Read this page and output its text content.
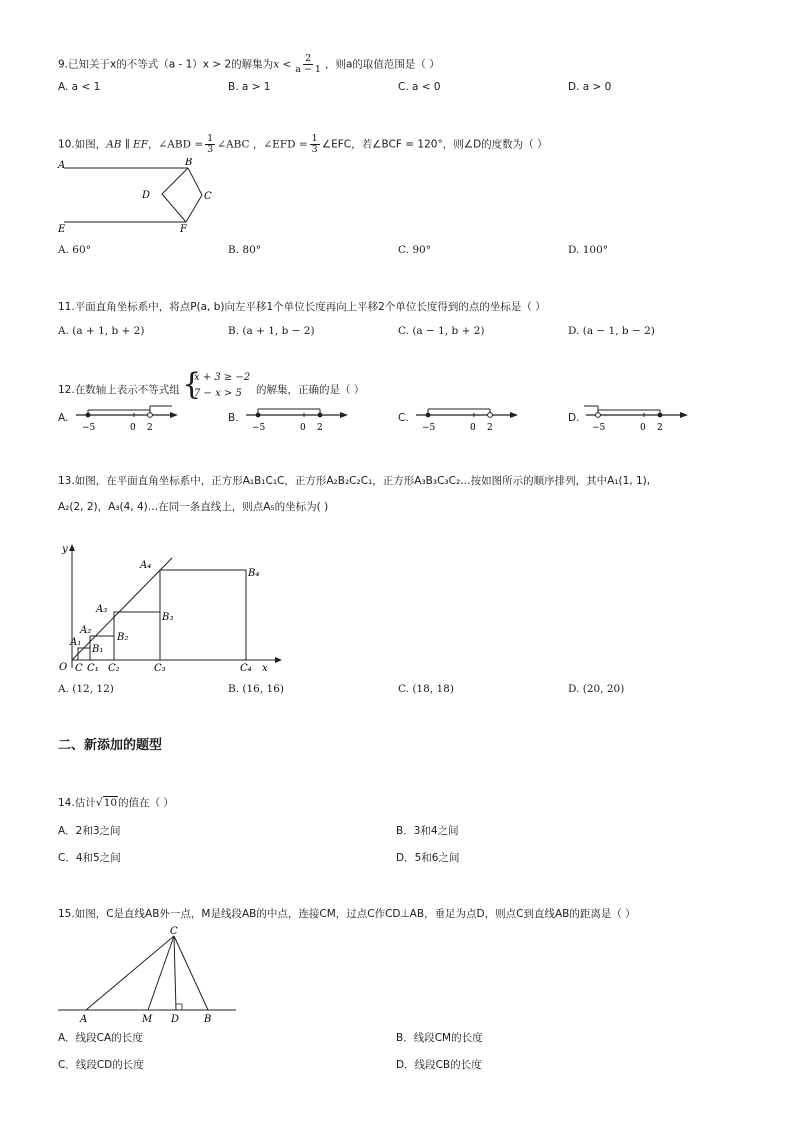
9.已知关于x的不等式（a - 1）x > 2的解集为$x < \frac{2}{a - 1}$ ，则a的取值范围是（ ）
A. a < 1	B. a > 1	C. a < 0	D. a > 0
10.如图，AB ∥ EF，∠ABD = $\frac{1}{3}$ ∠ABC ，∠EFD = $\frac{1}{3}$ ∠EFC，若∠BCF = 120°，则∠D的度数为（ ）
A	B
C
D
E	F
A. 60°	B. 80°	C. 90°	D. 100°
11.平面直角坐标系中，将点P(a, b)向左平移1个单位长度再向上平移2个单位长度得到的点的坐标是（ ）
A. (a + 1, b + 2)	B. (a + 1, b − 2)	C. (a − 1, b + 2)	D. (a − 1, b − 2)
12.在数轴上表示不等式组 {
x + 3 ≥ −2
7 − x > 5 的解集，正确的是（ ）
A.
−5	0 2
B.
−5	0 2
C.
−5	0 2
D.
−5	0 2
13.如图，在平面直角坐标系中，正方形A₁B₁C₁C，正方形A₂B₂C₂C₁，正方形A₃B₃C₃C₂…按如图所示的顺序排列，其中A₁(1, 1),
A₂(2, 2)，A₃(4, 4)…在同一条直线上，则点A₅的坐标为( )
y
x
O C C₁ C₂	C₃	C₄
A₁
A₂
A₃
A₄
B₁
B₂
B₃
B₄
A. (12, 12)	B. (16, 16)	C. (18, 18)	D. (20, 20)
二、新添加的题型
14.估计√10的值在（ ）
A．2和3之间	B．3和4之间
C．4和5之间	D．5和6之间
15.如图，C是直线AB外一点，M是线段AB的中点，连接CM，过点C作CD⊥AB，垂足为点D，则点C到直线AB的距离是（ ）
C
A	M D B
A．线段CA的长度	B．线段CM的长度
C．线段CD的长度	D．线段CB的长度
